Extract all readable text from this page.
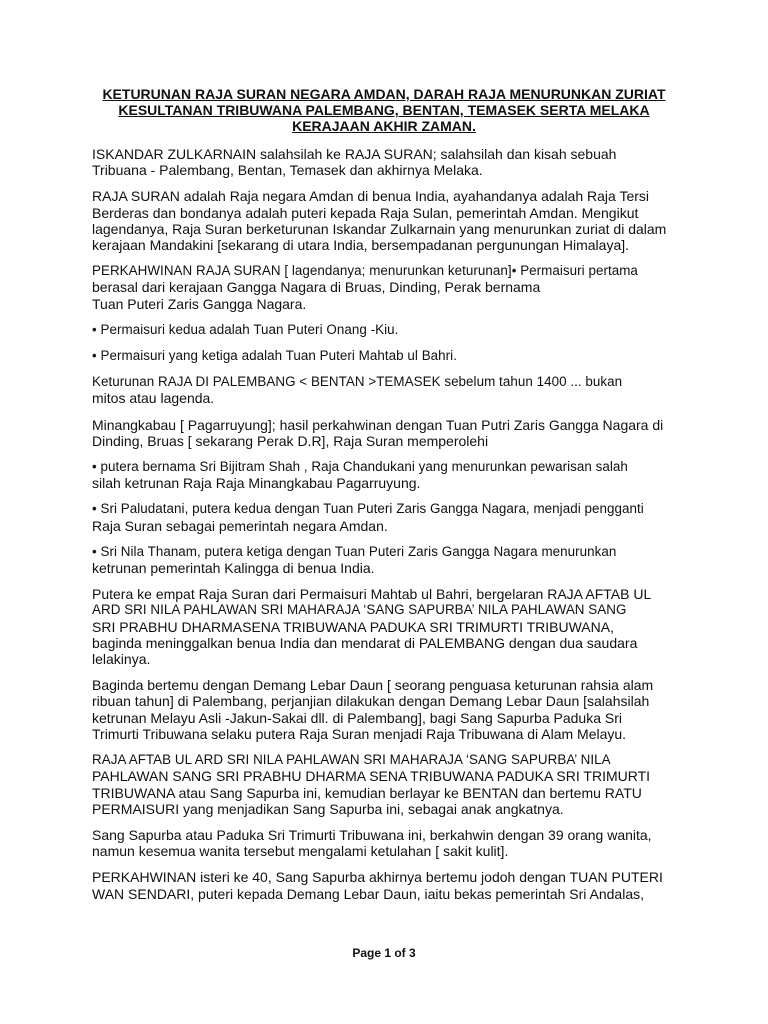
KETURUNAN RAJA SURAN NEGARA AMDAN, DARAH RAJA MENURUNKAN ZURIAT
KESULTANAN TRIBUWANA PALEMBANG, BENTAN, TEMASEK SERTA MELAKA
KERAJAAN AKHIR ZAMAN.

ISKANDAR ZULKARNAIN salahsilah ke RAJA SURAN; salahsilah dan kisah sebuah
Tribuana - Palembang, Bentan, Temasek dan akhirnya Melaka.

RAJA SURAN adalah Raja negara Amdan di benua India, ayahandanya adalah Raja Tersi
Berderas dan bondanya adalah puteri kepada Raja Sulan, pemerintah Amdan. Mengikut
lagendanya, Raja Suran berketurunan Iskandar Zulkarnain yang menurunkan zuriat di dalam
kerajaan Mandakini [sekarang di utara India, bersempadanan pergunungan Himalaya].

PERKAHWINAN RAJA SURAN [ lagendanya; menurunkan keturunan]• Permaisuri pertama
berasal dari kerajaan Gangga Nagara di Bruas, Dinding, Perak bernama
Tuan Puteri Zaris Gangga Nagara.

• Permaisuri kedua adalah Tuan Puteri Onang -Kiu.

• Permaisuri yang ketiga adalah Tuan Puteri Mahtab ul Bahri.

Keturunan RAJA DI PALEMBANG < BENTAN >TEMASEK sebelum tahun 1400 ... bukan
mitos atau lagenda.

Minangkabau [ Pagarruyung]; hasil perkahwinan dengan Tuan Putri Zaris Gangga Nagara di
Dinding, Bruas [ sekarang Perak D.R], Raja Suran memperolehi

• putera bernama Sri Bijitram Shah , Raja Chandukani yang menurunkan pewarisan salah
silah ketrunan Raja Raja Minangkabau Pagarruyung.

• Sri Paludatani, putera kedua dengan Tuan Puteri Zaris Gangga Nagara, menjadi pengganti
Raja Suran sebagai pemerintah negara Amdan.

• Sri Nila Thanam, putera ketiga dengan Tuan Puteri Zaris Gangga Nagara menurunkan
ketrunan pemerintah Kalingga di benua India.

Putera ke empat Raja Suran dari Permaisuri Mahtab ul Bahri, bergelaran RAJA AFTAB UL
ARD SRI NILA PAHLAWAN SRI MAHARAJA ‘SANG SAPURBA’ NILA PAHLAWAN SANG
SRI PRABHU DHARMASENA TRIBUWANA PADUKA SRI TRIMURTI TRIBUWANA,
baginda meninggalkan benua India dan mendarat di PALEMBANG dengan dua saudara
lelakinya.

Baginda bertemu dengan Demang Lebar Daun [ seorang penguasa keturunan rahsia alam
ribuan tahun] di Palembang, perjanjian dilakukan dengan Demang Lebar Daun [salahsilah
ketrunan Melayu Asli -Jakun-Sakai dll. di Palembang], bagi Sang Sapurba Paduka Sri
Trimurti Tribuwana selaku putera Raja Suran menjadi Raja Tribuwana di Alam Melayu.

RAJA AFTAB UL ARD SRI NILA PAHLAWAN SRI MAHARAJA ‘SANG SAPURBA’ NILA
PAHLAWAN SANG SRI PRABHU DHARMA SENA TRIBUWANA PADUKA SRI TRIMURTI
TRIBUWANA atau Sang Sapurba ini, kemudian berlayar ke BENTAN dan bertemu RATU
PERMAISURI yang menjadikan Sang Sapurba ini, sebagai anak angkatnya.

Sang Sapurba atau Paduka Sri Trimurti Tribuwana ini, berkahwin dengan 39 orang wanita,
namun kesemua wanita tersebut mengalami ketulahan [ sakit kulit].

PERKAHWINAN isteri ke 40, Sang Sapurba akhirnya bertemu jodoh dengan TUAN PUTERI
WAN SENDARI, puteri kepada Demang Lebar Daun, iaitu bekas pemerintah Sri Andalas,

Page 1 of 3
